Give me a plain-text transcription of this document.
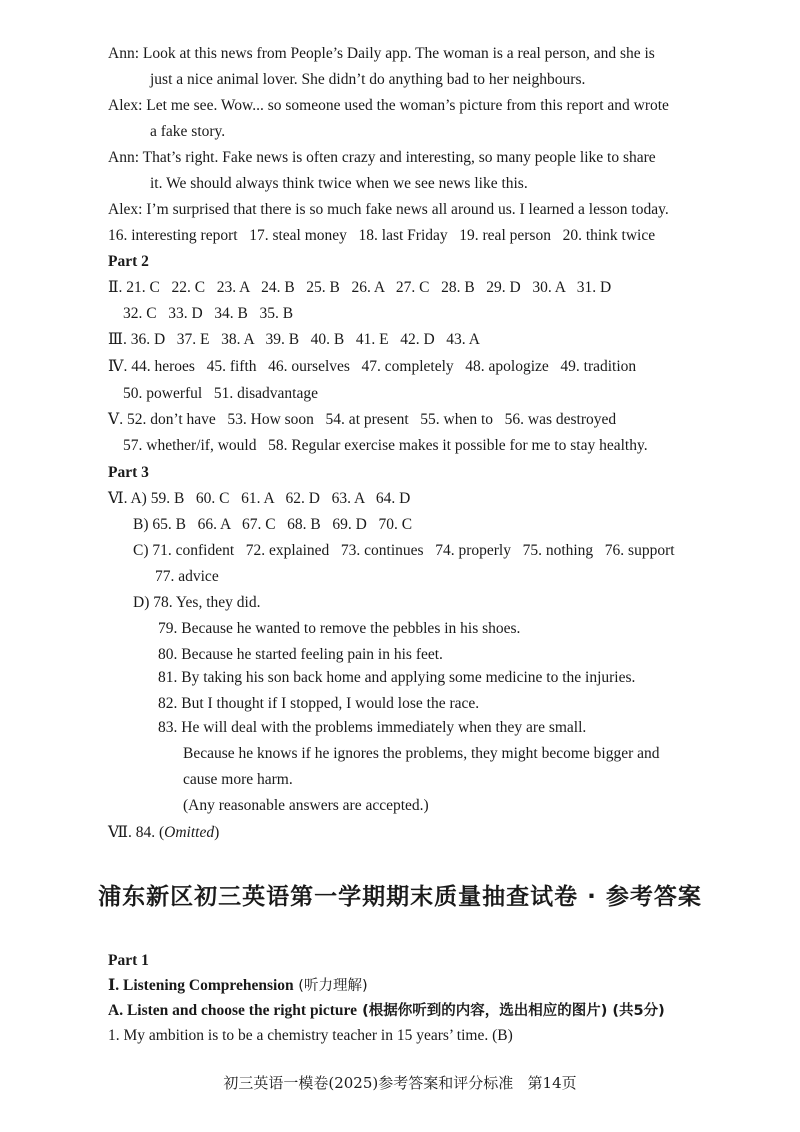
Ann: Look at this news from People’s Daily app. The woman is a real person, and she is
just a nice animal lover. She didn’t do anything bad to her neighbours.
Alex: Let me see. Wow... so someone used the woman’s picture from this report and wrote
a fake story.
Ann: That’s right. Fake news is often crazy and interesting, so many people like to share
it. We should always think twice when we see news like this.
Alex: I’m surprised that there is so much fake news all around us. I learned a lesson today.
16. interesting report   17. steal money   18. last Friday   19. real person   20. think twice
Part 2
Ⅱ. 21. C   22. C   23. A   24. B   25. B   26. A   27. C   28. B   29. D   30. A   31. D
32. C   33. D   34. B   35. B
Ⅲ. 36. D   37. E   38. A   39. B   40. B   41. E   42. D   43. A
Ⅳ. 44. heroes   45. fifth   46. ourselves   47. completely   48. apologize   49. tradition
50. powerful   51. disadvantage
Ⅴ. 52. don’t have   53. How soon   54. at present   55. when to   56. was destroyed
57. whether/if, would   58. Regular exercise makes it possible for me to stay healthy.
Part 3
Ⅵ. A) 59. B   60. C   61. A   62. D   63. A   64. D
B) 65. B   66. A   67. C   68. B   69. D   70. C
C) 71. confident   72. explained   73. continues   74. properly   75. nothing   76. support
77. advice
D) 78. Yes, they did.
79. Because he wanted to remove the pebbles in his shoes.
80. Because he started feeling pain in his feet.
81. By taking his son back home and applying some medicine to the injuries.
82. But I thought if I stopped, I would lose the race.
83. He will deal with the problems immediately when they are small.
Because he knows if he ignores the problems, they might become bigger and
cause more harm.
(Any reasonable answers are accepted.)
Ⅶ. 84. (Omitted)
浦东新区初三英语第一学期期末质量抽查试卷 · 参考答案
Part 1
Ⅰ. Listening Comprehension (听力理解)
A. Listen and choose the right picture (根据你听到的内容，选出相应的图片) (共5分)
1. My ambition is to be a chemistry teacher in 15 years’ time. (B)
初三英语一模卷(2025)参考答案和评分标准   第14页
